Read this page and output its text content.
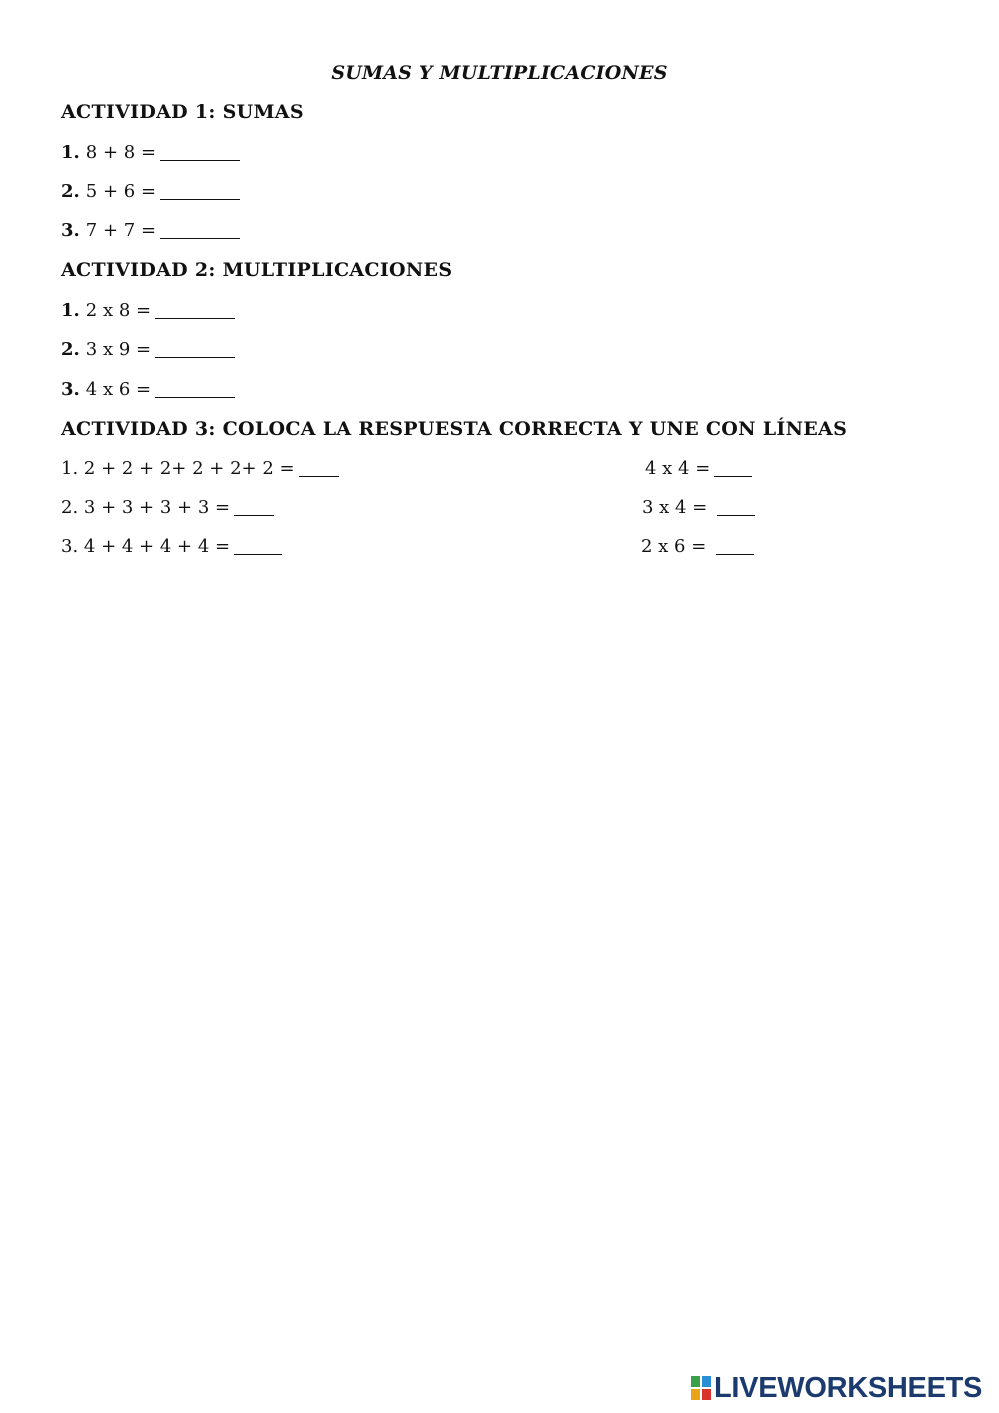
SUMAS Y MULTIPLICACIONES
ACTIVIDAD 1: SUMAS
1. 8 + 8 =
2. 5 + 6 =
3. 7 + 7 =
ACTIVIDAD 2: MULTIPLICACIONES
1. 2 x 8 =
2. 3 x 9 =
3. 4 x 6 =
ACTIVIDAD 3: COLOCA LA RESPUESTA CORRECTA Y UNE CON LÍNEAS
1. 2 + 2 + 2+ 2 + 2+ 2 =
2. 3 + 3 + 3 + 3 =
3. 4 + 4 + 4 + 4 =
4 x 4 =
3 x 4 =
2 x 6 =
LIVEWORKSHEETS
